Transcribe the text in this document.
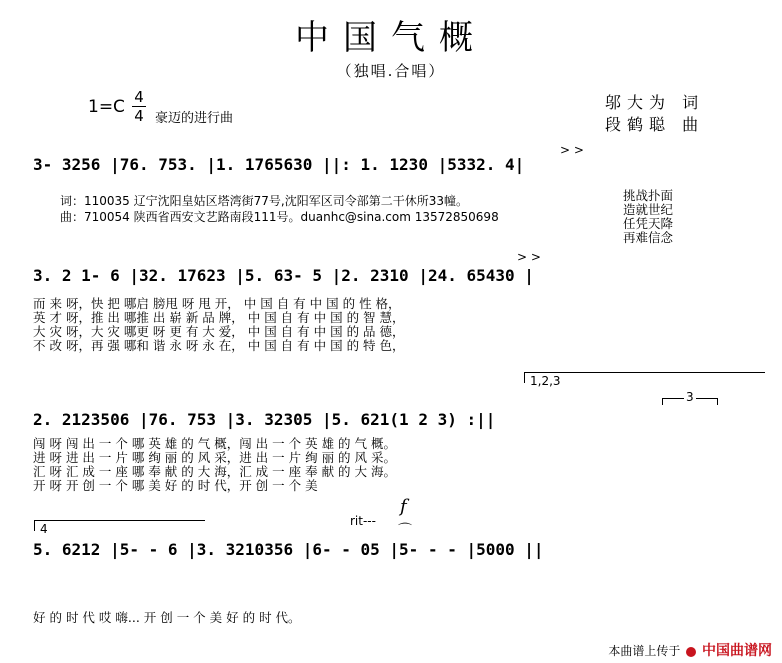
中国气概
（独唱.合唱）
1=C 4
4 豪迈的进行曲
邬大为 词
段鹤聪 曲
> >
3- 3256 |76. 753. |1. 1765630 ||: 1. 1230 |5332. 4|
词：110035 辽宁沈阳皇姑区塔湾街77号,沈阳军区司令部第二干休所33幢。
曲：710054 陕西省西安文艺路南段111号。duanhc@sina.com 13572850698
挑战扑面
造就世纪
任凭天降
再难信念
> >
3. 2 1- 6 |32. 17623 |5. 63- 5 |2. 2310 |24. 65430 |
而 来 呀，快 把 哪启 膀甩 呀 甩 开， 中 国 自 有 中 国 的 性 格，
英 才 呀，推 出 哪推 出 崭 新 品 牌， 中 国 自 有 中 国 的 智 慧，
大 灾 呀，大 灾 哪更 呀 更 有 大 爱， 中 国 自 有 中 国 的 品 德，
不 改 呀，再 强 哪和 谐 永 呀 永 在， 中 国 自 有 中 国 的 特 色，
1,2,3
3
2. 2123506 |76. 753 |3. 32305 |5. 621(1 2 3) :||
闯 呀 闯 出 一 个 哪 英 雄 的 气 概，闯 出 一 个 英 雄 的 气 概。
进 呀 进 出 一 片 哪 绚 丽 的 风 采，进 出 一 片 绚 丽 的 风 采。
汇 呀 汇 成 一 座 哪 奉 献 的 大 海，汇 成 一 座 奉 献 的 大 海。
开 呀 开 创 一 个 哪 美 好 的 时 代，开 创 一 个 美
4
rit---
f
⌒
5. 6212 |5- - 6 |3. 3210356 |6- - 05 |5- - - |5000 ||
好 的 时 代 哎 嗨... 开 创 一 个 美 好 的 时 代。
本曲谱上传于 中国曲谱网
